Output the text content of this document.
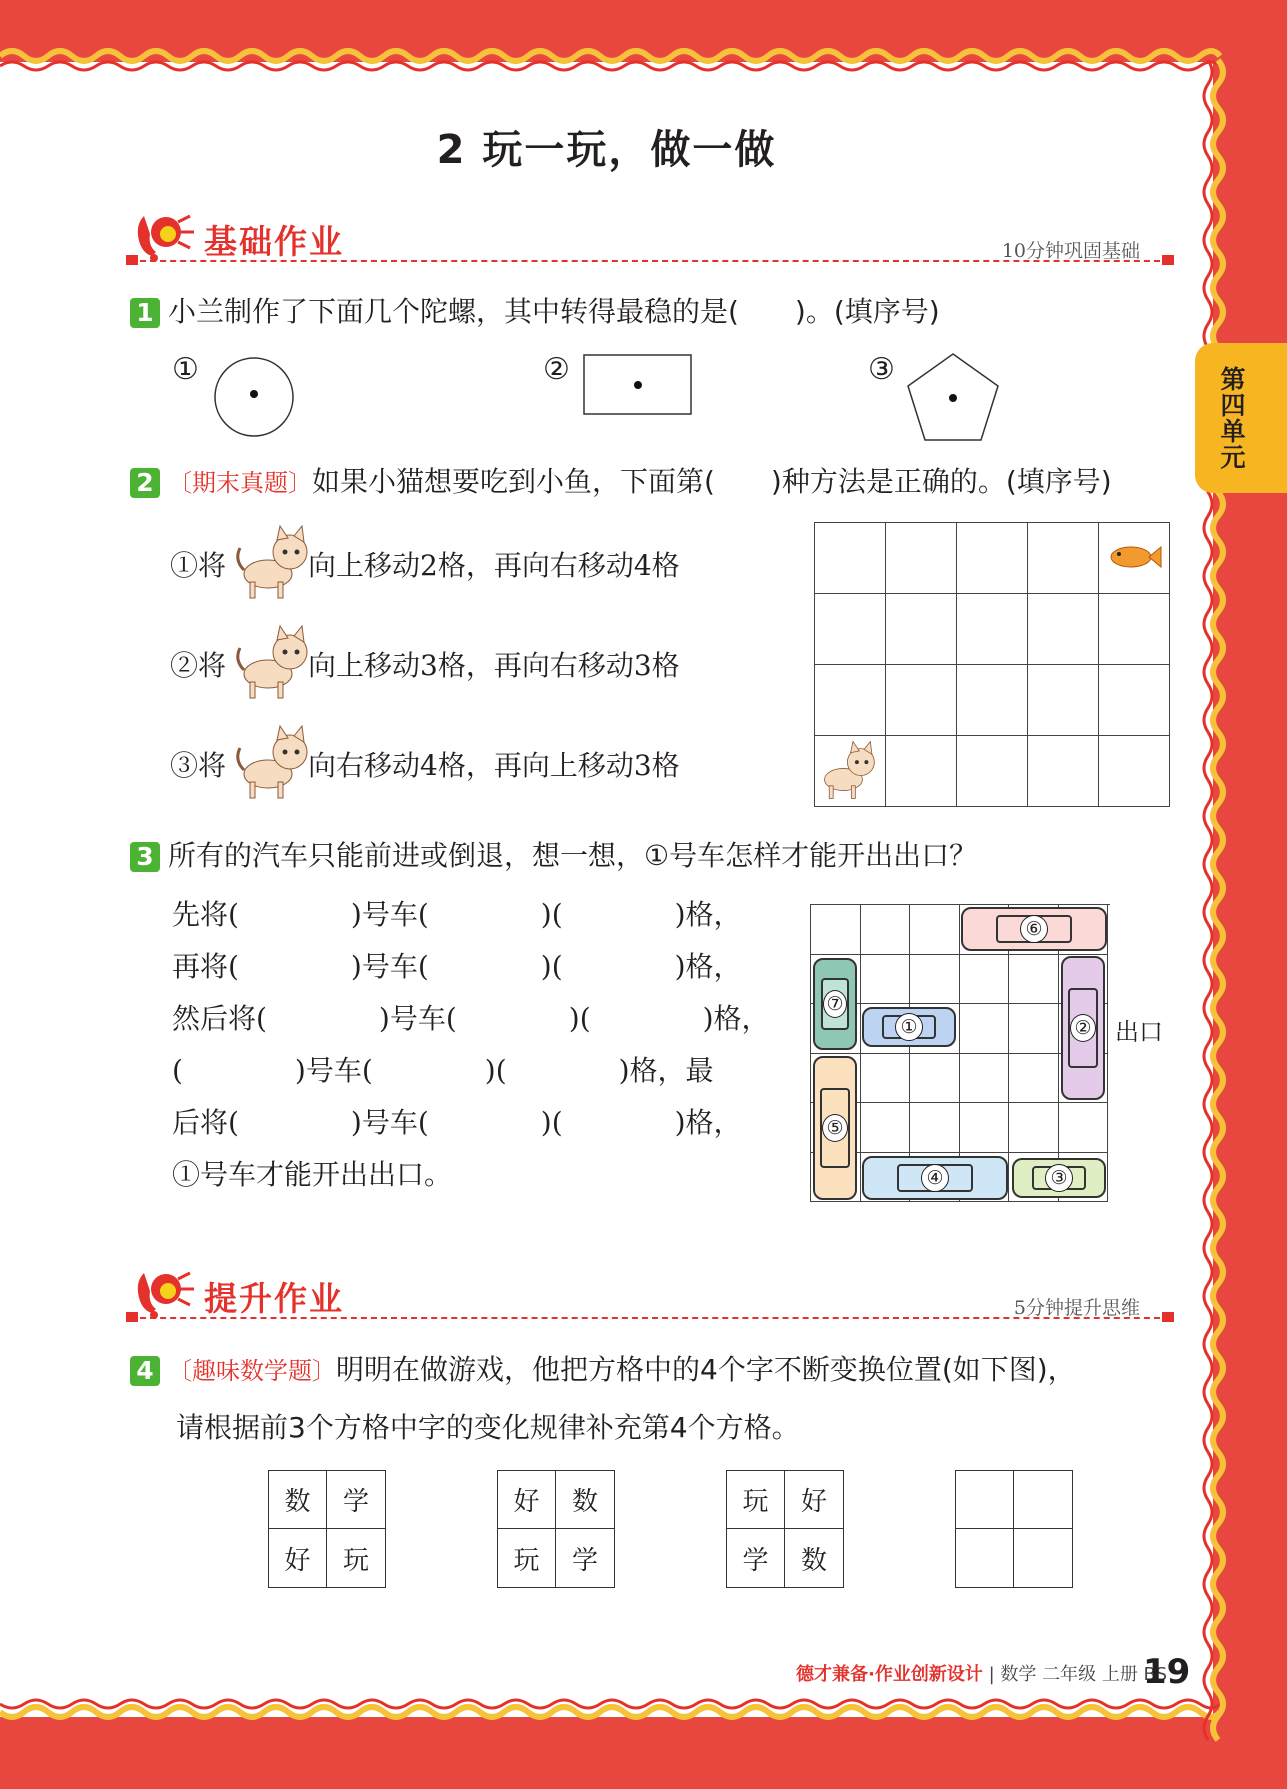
第四单元
2 玩一玩，做一做
基础作业	10分钟巩固基础
1 小兰制作了下面几个陀螺，其中转得最稳的是(　　)。(填序号)
①	②	③
2 〔期末真题〕如果小猫想要吃到小鱼，下面第(　　)种方法是正确的。(填序号)
①将	向上移动2格，再向右移动4格
②将	向上移动3格，再向右移动3格
③将	向右移动4格，再向上移动3格
3 所有的汽车只能前进或倒退，想一想，①号车怎样才能开出出口？
先将(　　　　)号车(　　　　)(　　　　)格，
再将(　　　　)号车(　　　　)(　　　　)格，
然后将(　　　　)号车(　　　　)(　　　　)格，
(　　　　)号车(　　　　)(　　　　)格，最
后将(　　　　)号车(　　　　)(　　　　)格，
①号车才能开出出口。
⑥
⑦
①	②
⑤
④	③
出口
提升作业	5分钟提升思维
4 〔趣味数学题〕明明在做游戏，他把方格中的4个字不断变换位置(如下图)，
请根据前3个方格中字的变化规律补充第4个方格。
数	学
好	玩
好	数
玩	学
玩	好
学	数
德才兼备·作业创新设计 | 数学 二年级 上册 BS
19
